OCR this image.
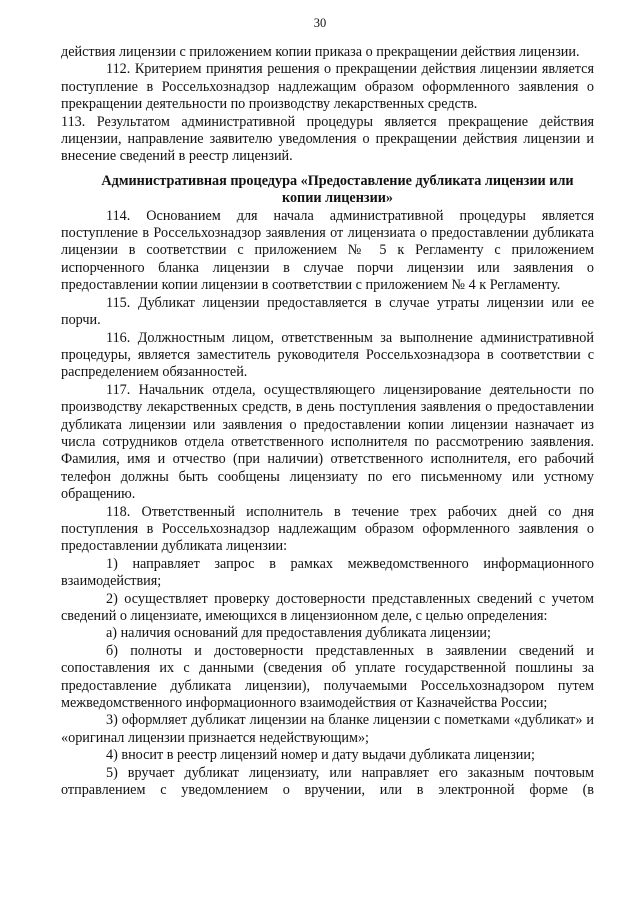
30

действия лицензии с приложением копии приказа о прекращении действия лицензии.

112. Критерием принятия решения о прекращении действия лицензии является поступление в Россельхознадзор надлежащим образом оформленного заявления о прекращении деятельности по производству лекарственных средств.

113. Результатом административной процедуры является прекращение действия лицензии, направление заявителю уведомления о прекращении действия лицензии и внесение сведений в реестр лицензий.

Административная процедура «Предоставление дубликата лицензии или копии лицензии»

114. Основанием для начала административной процедуры является поступление в Россельхознадзор заявления от лицензиата о предоставлении дубликата лицензии в соответствии с приложением № 5 к Регламенту с приложением испорченного бланка лицензии в случае порчи лицензии или заявления о предоставлении копии лицензии в соответствии с приложением № 4 к Регламенту.

115. Дубликат лицензии предоставляется в случае утраты лицензии или ее порчи.

116. Должностным лицом, ответственным за выполнение административной процедуры, является заместитель руководителя Россельхознадзора в соответствии с распределением обязанностей.

117. Начальник отдела, осуществляющего лицензирование деятельности по производству лекарственных средств, в день поступления заявления о предоставлении дубликата лицензии или заявления о предоставлении копии лицензии назначает из числа сотрудников отдела ответственного исполнителя по рассмотрению заявления. Фамилия, имя и отчество (при наличии) ответственного исполнителя, его рабочий телефон должны быть сообщены лицензиату по его письменному или устному обращению.

118. Ответственный исполнитель в течение трех рабочих дней со дня поступления в Россельхознадзор надлежащим образом оформленного заявления о предоставлении дубликата лицензии:

1) направляет запрос в рамках межведомственного информационного взаимодействия;

2) осуществляет проверку достоверности представленных сведений с учетом сведений о лицензиате, имеющихся в лицензионном деле, с целью определения:

а) наличия оснований для предоставления дубликата лицензии;

б) полноты и достоверности представленных в заявлении сведений и сопоставления их с данными (сведения об уплате государственной пошлины за предоставление дубликата лицензии), получаемыми Россельхознадзором путем межведомственного информационного взаимодействия от Казначейства России;

3) оформляет дубликат лицензии на бланке лицензии с пометками «дубликат» и «оригинал лицензии признается недействующим»;

4) вносит в реестр лицензий номер и дату выдачи дубликата лицензии;

5) вручает дубликат лицензиату, или направляет его заказным почтовым отправлением с уведомлением о вручении, или в электронной форме (в
